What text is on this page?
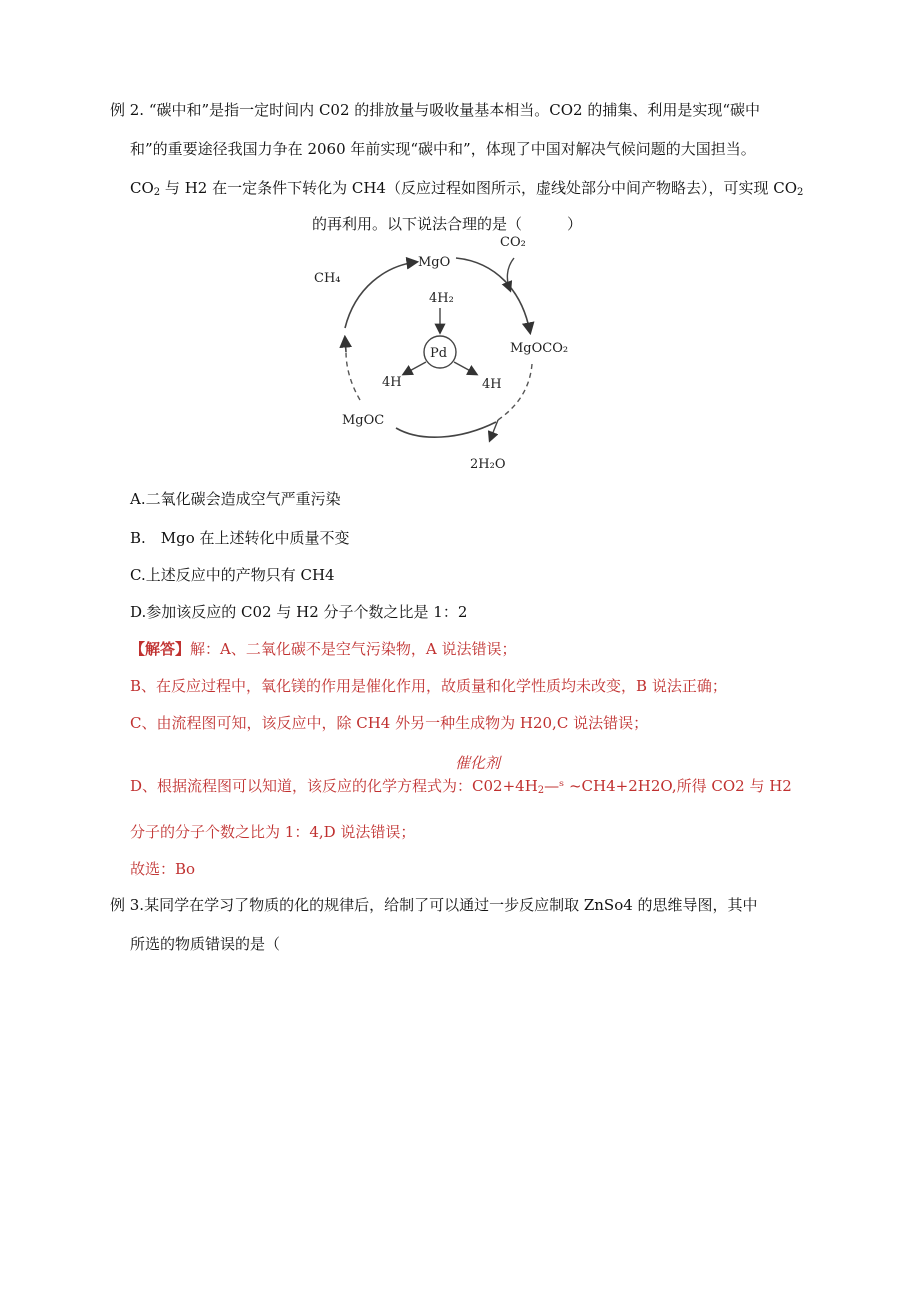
例 2. “碳中和”是指一定时间内 C02 的排放量与吸收量基本相当。CO2 的捕集、利用是实现“碳中
和”的重要途径我国力争在 2060 年前实现“碳中和”，体现了中国对解决气候问题的大国担当。
$CO_2$ 与 H2 在一定条件下转化为 CH4（反应过程如图所示，虚线处部分中间产物略去），可实现 $CO_2$
的再利用。以下说法合理的是（　　　）
MgO
CO₂
CH₄
4H₂
Pd
4H	4H
MgOCO₂
MgOC
2H₂O
A.二氧化碳会造成空气严重污染
B.　Mgo 在上述转化中质量不变
C.上述反应中的产物只有 CH4
D.参加该反应的 C02 与 H2 分子个数之比是 1：2
【解答】解：A、二氧化碳不是空气污染物，A 说法错误；
B、在反应过程中，氧化镁的作用是催化作用，故质量和化学性质均未改变，B 说法正确；
C、由流程图可知，该反应中，除 CH4 外另一种生成物为 H20,C 说法错误；
催化剂
D、根据流程图可以知道，该反应的化学方程式为：$C02+4H_2—ˢ$ ~CH4+2H2O,所得 CO2 与 H2
分子的分子个数之比为 1：4,D 说法错误；
故选：Bo
例 3.某同学在学习了物质的化的规律后，给制了可以通过一步反应制取 ZnSo4 的思维导图，其中
所选的物质错误的是（
